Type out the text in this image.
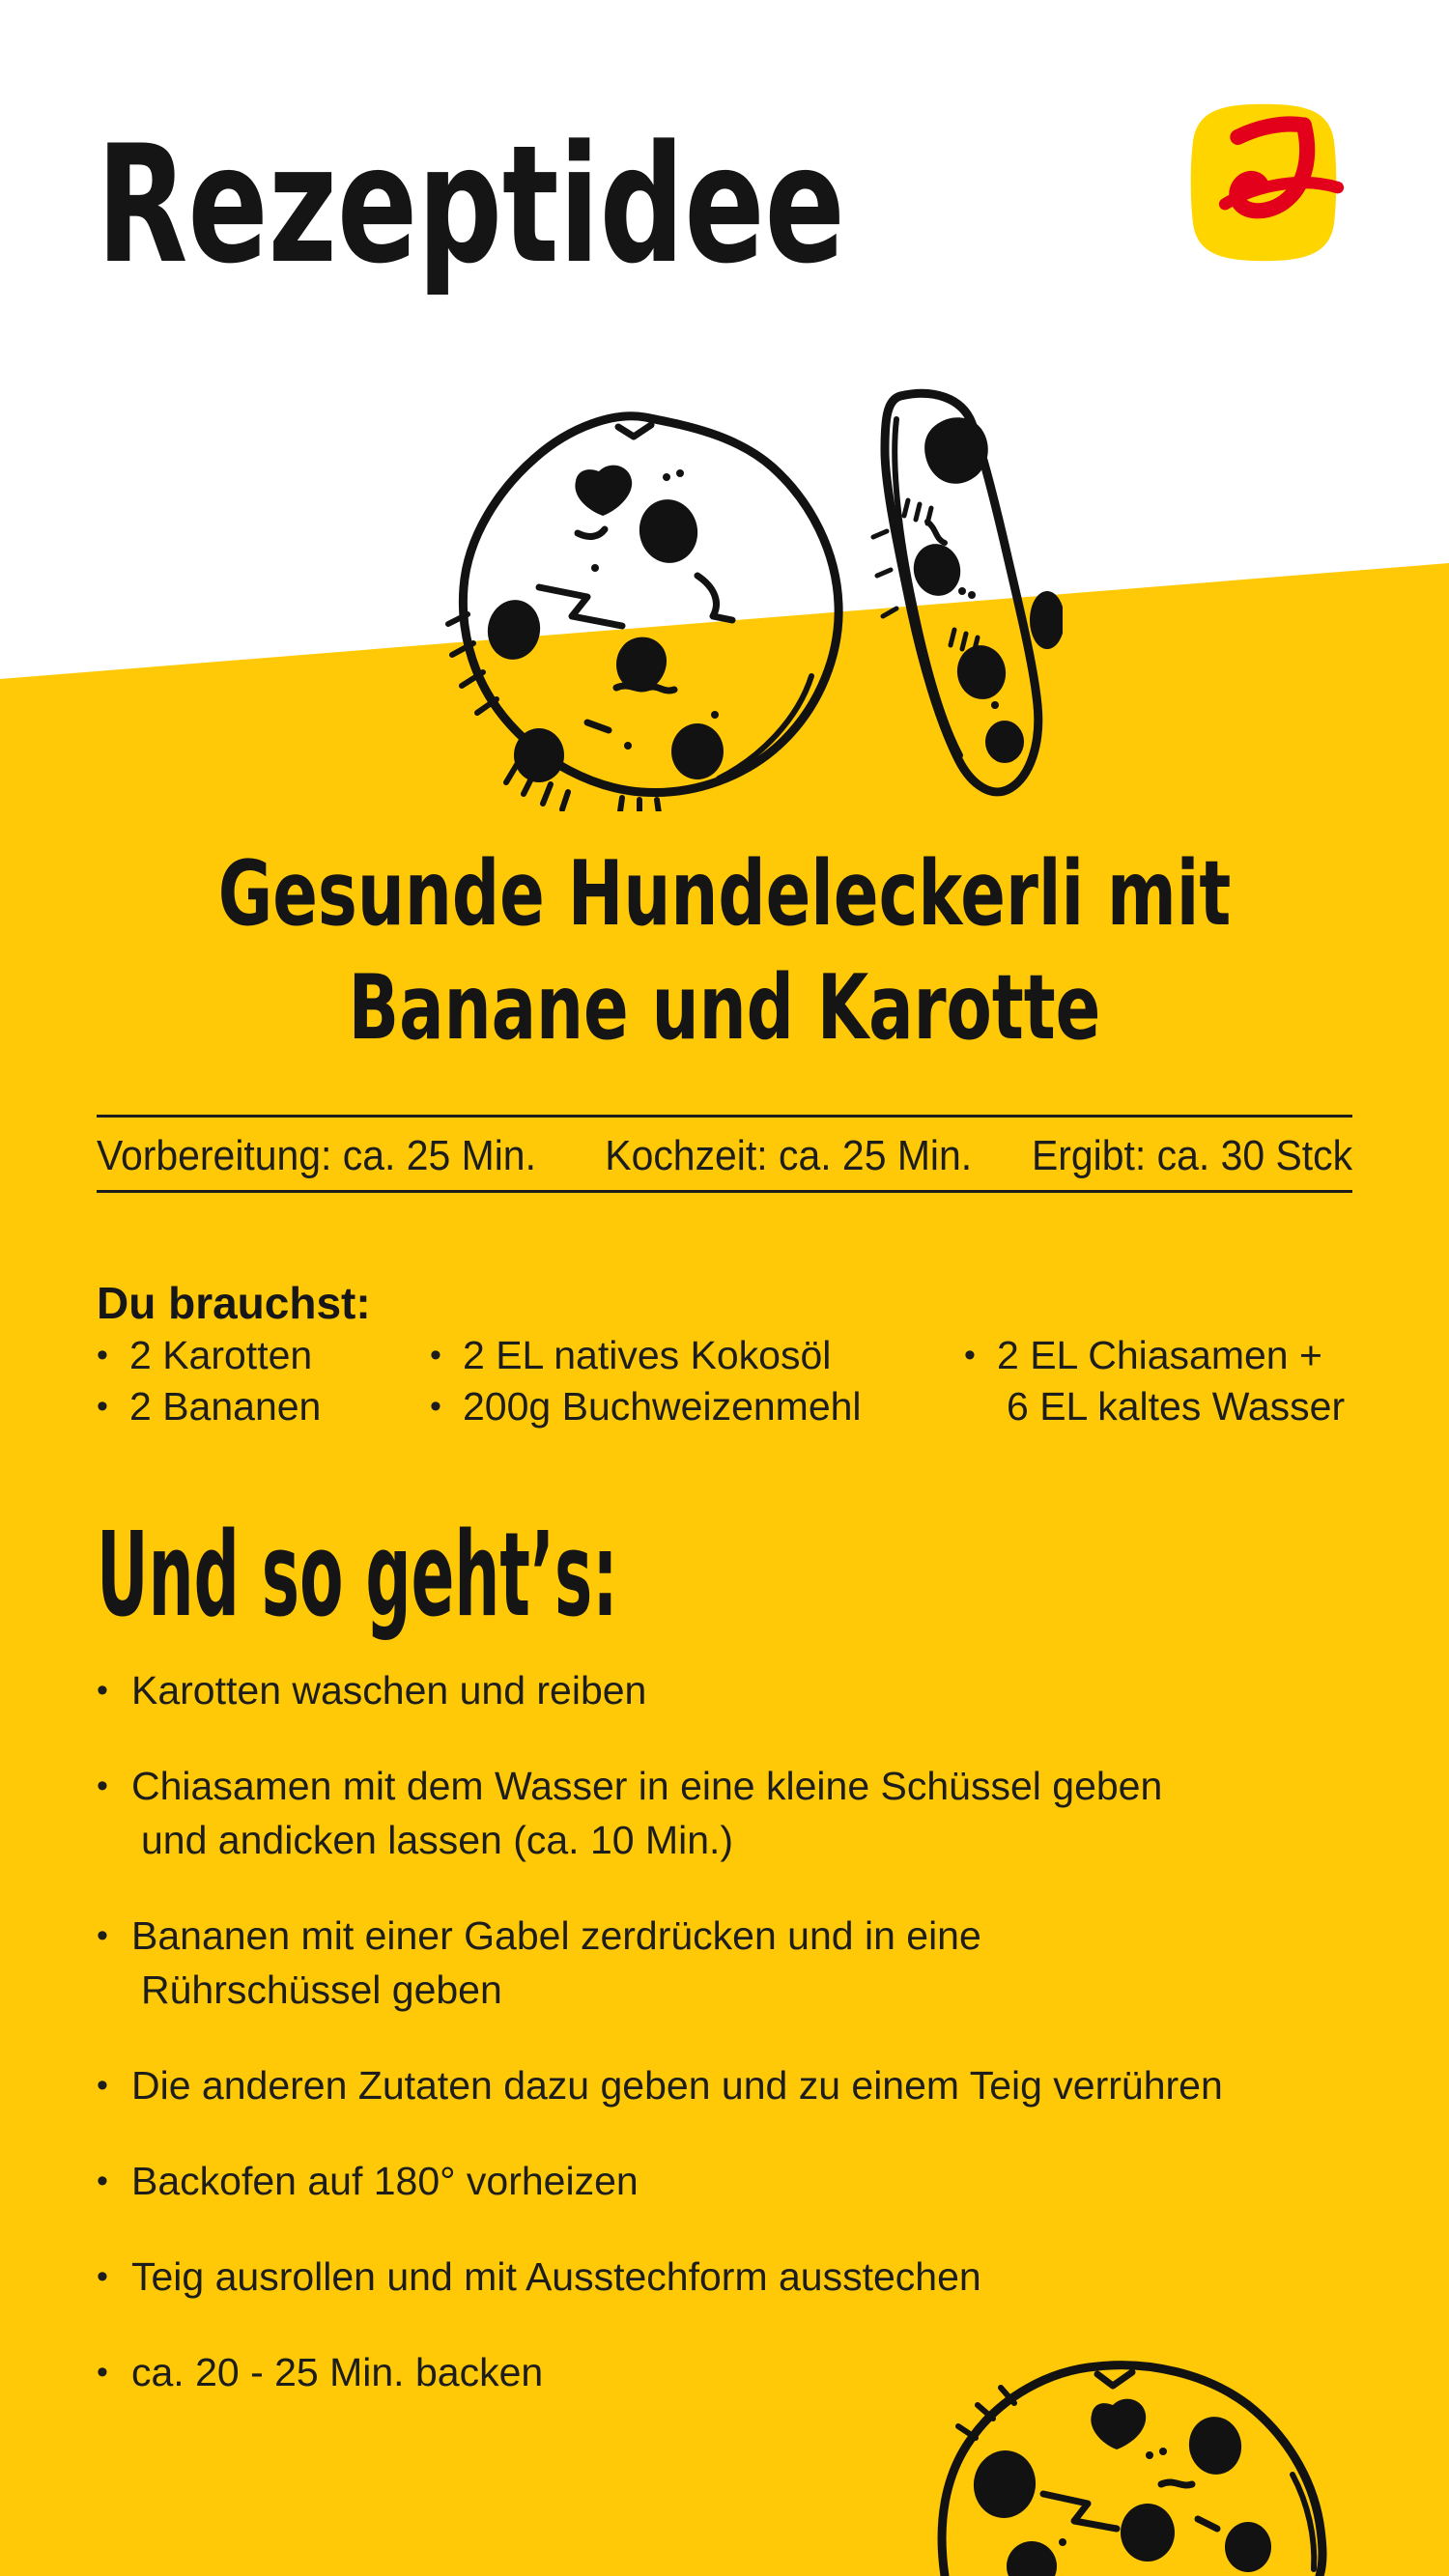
Rezeptidee
Gesunde Hundeleckerli mit
Banane und Karotte
Vorbereitung: ca. 25 Min. Kochzeit: ca. 25 Min. Ergibt: ca. 30 Stck
Du brauchst:
• 2 Karotten
• 2 Bananen
• 2 EL natives Kokosöl
• 200g Buchweizenmehl
• 2 EL Chiasamen +
6 EL kaltes Wasser
Und so geht’s:
• Karotten waschen und reiben
• Chiasamen mit dem Wasser in eine kleine Schüssel geben
und andicken lassen (ca. 10 Min.)
• Bananen mit einer Gabel zerdrücken und in eine
Rührschüssel geben
• Die anderen Zutaten dazu geben und zu einem Teig verrühren
• Backofen auf 180° vorheizen
• Teig ausrollen und mit Ausstechform ausstechen
• ca. 20 - 25 Min. backen
